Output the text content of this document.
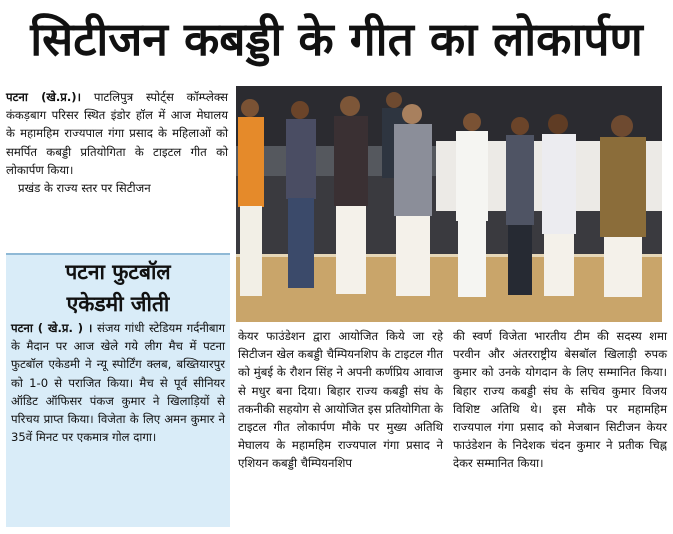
सिटीजन कबड्डी के गीत का लोकार्पण

पटना (खे.प्र.)। पाटलिपुत्र स्पोर्ट्स कॉम्प्लेक्स कंकड़बाग परिसर स्थित इंडोर हॉल में आज मेघालय के महामहिम राज्यपाल गंगा प्रसाद के महिलाओं को समर्पित कबड्डी प्रतियोगिता के टाइटल गीत को लोकार्पण किया।

प्रखंड के राज्य स्तर पर सिटीजन

पटना फुटबॉल
एकेडमी जीती
पटना ( खे.प्र. ) । संजय गांधी स्टेडियम गर्दनीबाग के मैदान पर आज खेले गये लीग मैच में पटना फुटबॉल एकेडमी ने न्यू स्पोर्टिंग क्लब, बख्तियारपुर को 1-0 से पराजित किया। मैच से पूर्व सीनियर ऑडिट ऑफिसर पंकज कुमार ने खिलाड़ियों से परिचय प्राप्त किया। विजेता के लिए अमन कुमार ने 35वें मिनट पर एकमात्र गोल दागा।

केयर फाउंडेशन द्वारा आयोजित किये जा रहे सिटीजन खेल कबड्डी चैम्पियनशिप के टाइटल गीत को मुंबई के रौशन सिंह ने अपनी कर्णप्रिय आवाज से मधुर बना दिया। बिहार राज्य कबड्डी संघ के तकनीकी सहयोग से आयोजित इस प्रतियोगिता के टाइटल गीत लोकार्पण मौके पर मुख्य अतिथि मेघालय के महामहिम राज्यपाल गंगा प्रसाद ने एशियन कबड्डी चैम्पियनशिप

की स्वर्ण विजेता भारतीय टीम की सदस्य शमा परवीन और अंतरराष्ट्रीय बेसबॉल खिलाड़ी रुपक कुमार को उनके योगदान के लिए सम्मानित किया। बिहार राज्य कबड्डी संघ के सचिव कुमार विजय विशिष्ट अतिथि थे। इस मौके पर महामहिम राज्यपाल गंगा प्रसाद को मेजबान सिटीजन केयर फाउंडेशन के निदेशक चंदन कुमार ने प्रतीक चिह्न देकर सम्मानित किया।
